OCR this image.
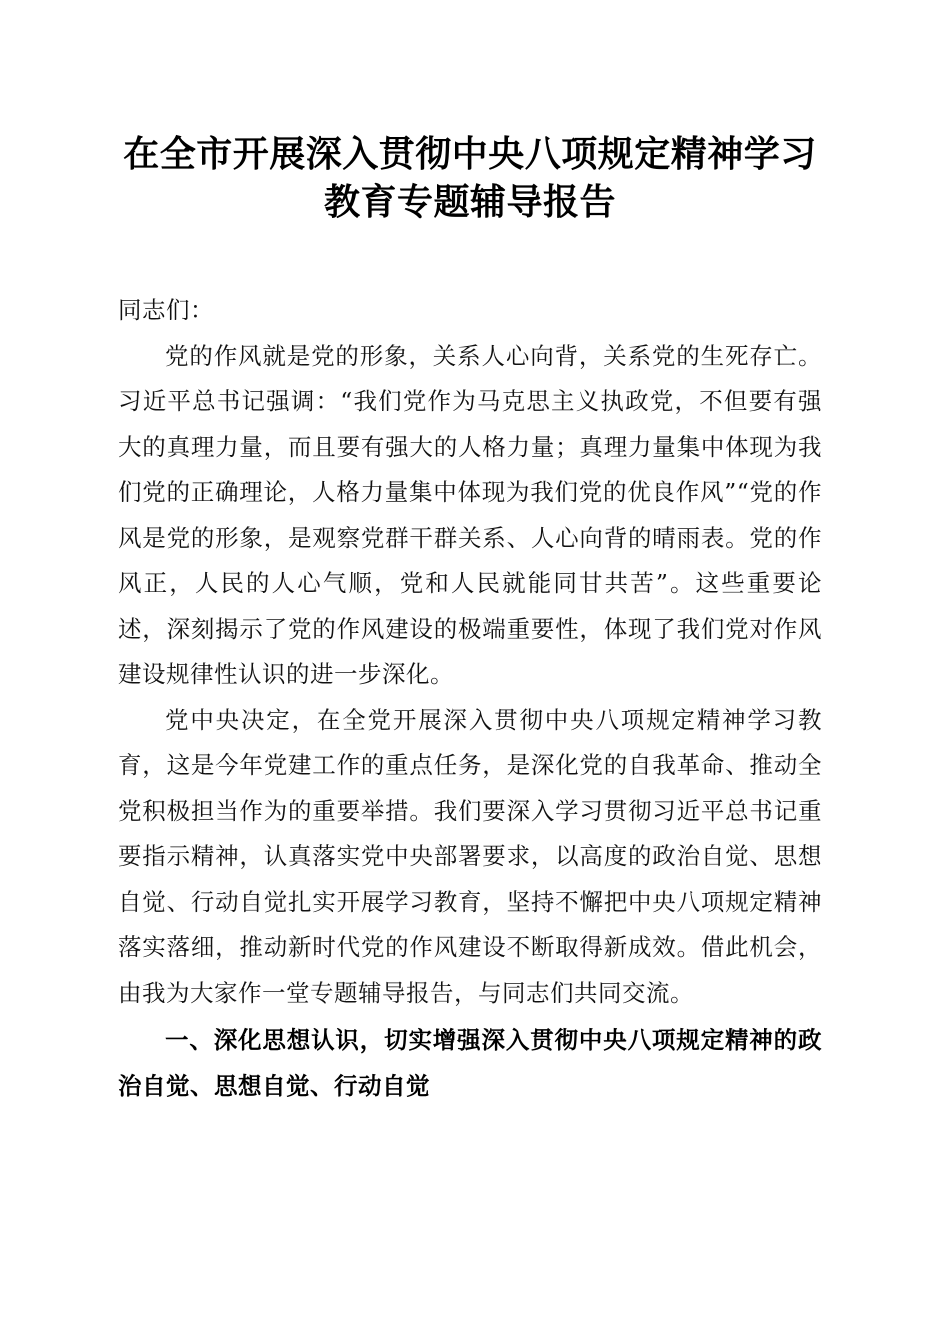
在全市开展深入贯彻中央八项规定精神学习教育专题辅导报告

同志们：

党的作风就是党的形象，关系人心向背，关系党的生死存亡。习近平总书记强调：“我们党作为马克思主义执政党，不但要有强大的真理力量，而且要有强大的人格力量；真理力量集中体现为我们党的正确理论，人格力量集中体现为我们党的优良作风”“党的作风是党的形象，是观察党群干群关系、人心向背的晴雨表。党的作风正，人民的人心气顺，党和人民就能同甘共苦”。这些重要论述，深刻揭示了党的作风建设的极端重要性，体现了我们党对作风建设规律性认识的进一步深化。

党中央决定，在全党开展深入贯彻中央八项规定精神学习教育，这是今年党建工作的重点任务，是深化党的自我革命、推动全党积极担当作为的重要举措。我们要深入学习贯彻习近平总书记重要指示精神，认真落实党中央部署要求，以高度的政治自觉、思想自觉、行动自觉扎实开展学习教育，坚持不懈把中央八项规定精神落实落细，推动新时代党的作风建设不断取得新成效。借此机会，由我为大家作一堂专题辅导报告，与同志们共同交流。

一、深化思想认识，切实增强深入贯彻中央八项规定精神的政治自觉、思想自觉、行动自觉
